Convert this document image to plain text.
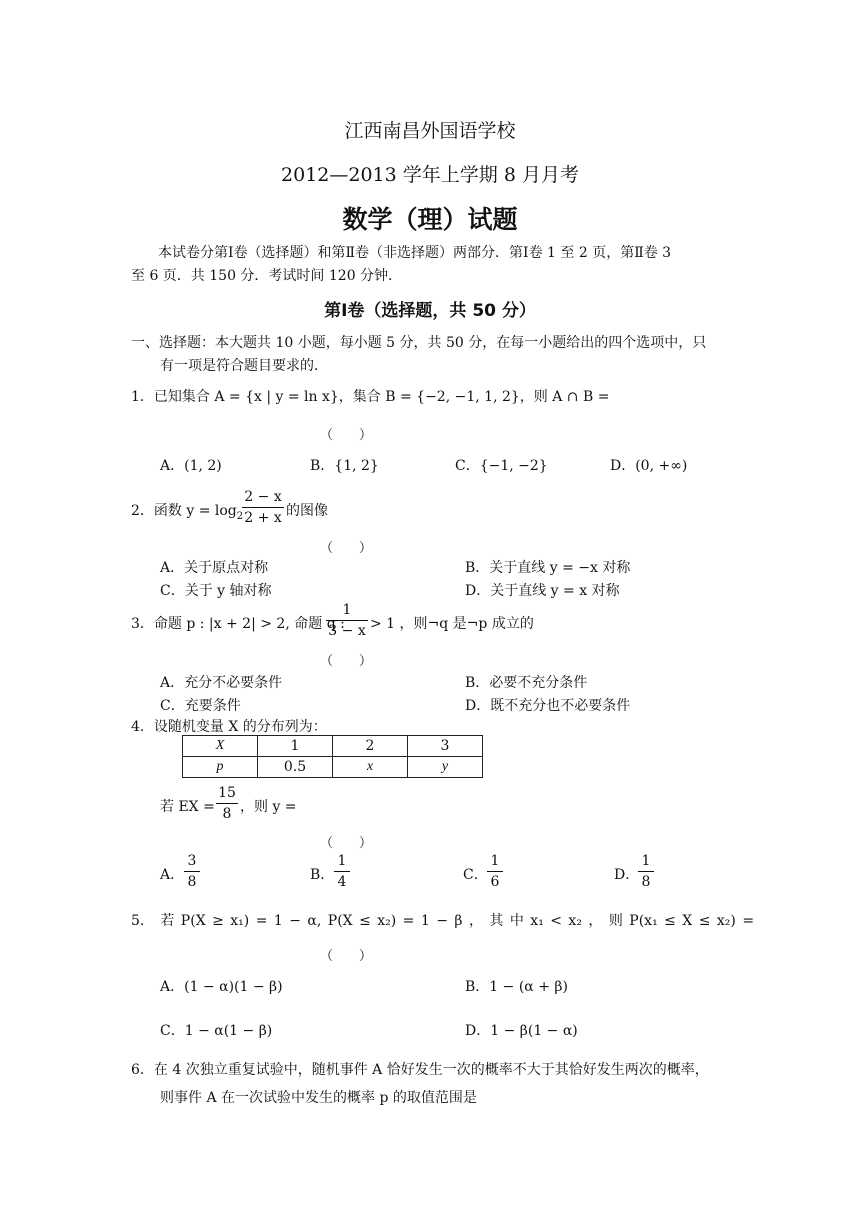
江西南昌外国语学校
2012—2013 学年上学期 8 月月考
数学（理）试题
本试卷分第Ⅰ卷（选择题）和第Ⅱ卷（非选择题）两部分．第Ⅰ卷 1 至 2 页，第Ⅱ卷 3
至 6 页．共 150 分．考试时间 120 分钟．
第Ⅰ卷（选择题，共 50 分）
一、选择题：本大题共 10 小题，每小题 5 分，共 50 分，在每一小题给出的四个选项中，只
有一项是符合题目要求的．
1．已知集合 A = {x | y = ln x}，集合 B = {−2, −1, 1, 2}，则 A ∩ B =
（　　）
A．(1, 2)	B．{1, 2}	C．{−1, −2}	D．(0, +∞)
2．函数 $y = \log_2$
2 − x
2 + x 的图像
（　　）
A．关于原点对称	B．关于直线 y = −x 对称
C．关于 y 轴对称	D．关于直线 y = x 对称
3．命题 p : |x + 2| > 2, 命题 q :
1
3 − x > 1 ，则¬q 是¬p 成立的
（　　）
A．充分不必要条件	B．必要不充分条件
C．充要条件	D．既不充分也不必要条件
4．设随机变量 X 的分布列为：
X	1	2	3
p	0.5	x	y
若 EX =
15
8 ，则 y =
（　　）
A．
3
8	B．
1
4	C．
1
6	D．
1
8
5． 若 P(X ≥ x₁) = 1 − α, P(X ≤ x₂) = 1 − β ， 其 中 x₁ < x₂ ， 则 P(x₁ ≤ X ≤ x₂) =
（　　）
A．(1 − α)(1 − β)	B．1 − (α + β)
C．1 − α(1 − β)	D．1 − β(1 − α)
6．在 4 次独立重复试验中，随机事件 A 恰好发生一次的概率不大于其恰好发生两次的概率，
则事件 A 在一次试验中发生的概率 p 的取值范围是
